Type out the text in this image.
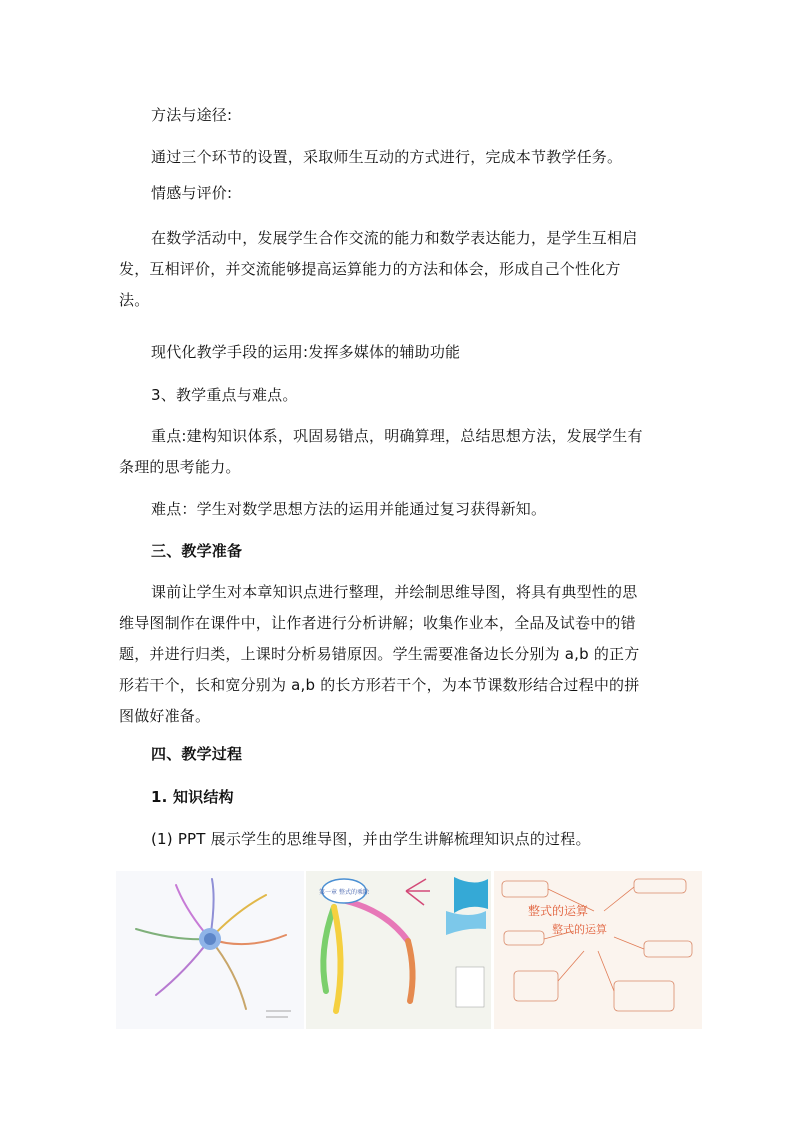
方法与途径:
通过三个环节的设置，采取师生互动的方式进行，完成本节教学任务。
情感与评价:
在数学活动中，发展学生合作交流的能力和数学表达能力，是学生互相启
发，互相评价，并交流能够提高运算能力的方法和体会，形成自己个性化方
法。
现代化教学手段的运用:发挥多媒体的辅助功能
3、教学重点与难点。
重点:建构知识体系，巩固易错点，明确算理，总结思想方法，发展学生有
条理的思考能力。
难点：学生对数学思想方法的运用并能通过复习获得新知。
三、教学准备
课前让学生对本章知识点进行整理，并绘制思维导图，将具有典型性的思
维导图制作在课件中，让作者进行分析讲解；收集作业本，全品及试卷中的错
题，并进行归类，上课时分析易错原因。学生需要准备边长分别为 a,b 的正方
形若干个，长和宽分别为 a,b 的长方形若干个，为本节课数形结合过程中的拼
图做好准备。
四、教学过程
1. 知识结构
(1) PPT 展示学生的思维导图，并由学生讲解梳理知识点的过程。
第一章 整式的乘除
整式的运算
整式的运算
